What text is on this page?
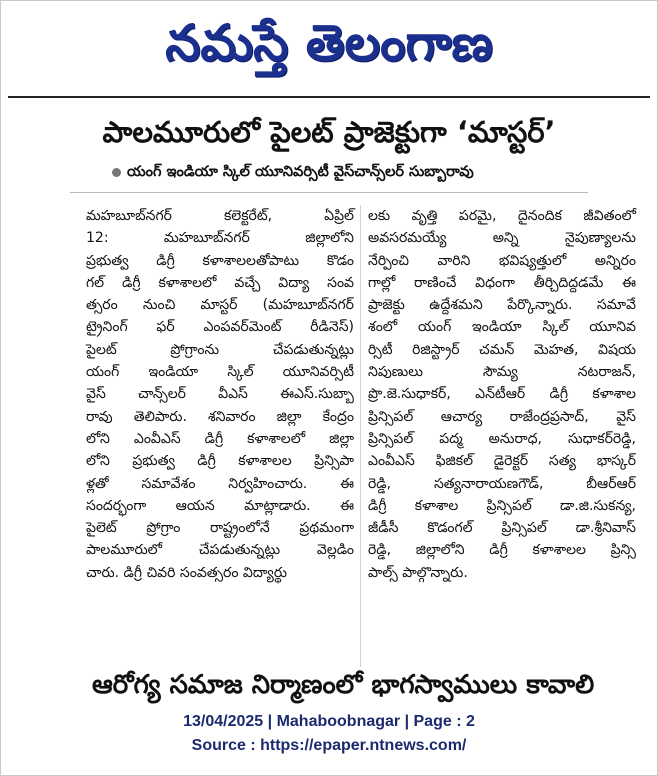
నమస్తే తెలంగాణ
పాలమూరులో పైలట్ ప్రాజెక్టుగా ‘మాస్టర్’
యంగ్ ఇండియా స్కిల్ యూనివర్సిటీ వైస్‌చాన్స్‌లర్ సుబ్బారావు
మహబూబ్‌నగర్ కలెక్టరేట్, ఏప్రిల్
12: మహబూబ్‌నగర్ జిల్లాలోని
ప్రభుత్వ డిగ్రీ కళాశాలలతోపాటు కొడం
గల్ డిగ్రీ కళాశాలలో వచ్చే విద్యా సంవ
త్సరం నుంచి మాస్టర్ (మహబూబ్‌నగర్
ట్రైనింగ్ ఫర్ ఎంపవర్‌మెంట్ రీడినెస్)
పైలట్ ప్రోగ్రాంను చేపడుతున్నట్లు
యంగ్ ఇండియా స్కిల్ యూనివర్సిటీ
వైస్ చాన్స్‌లర్ వీఎస్ ఈఎస్.సుబ్బా
రావు తెలిపారు. శనివారం జిల్లా కేంద్రం
లోని ఎంవీఎస్ డిగ్రీ కళాశాలలో జిల్లా
లోని ప్రభుత్వ డిగ్రీ కళాశాలల ప్రిన్సిపా
ళ్లతో సమావేశం నిర్వహించారు. ఈ
సందర్భంగా ఆయన మాట్లాడారు. ఈ
పైలెట్ ప్రోగ్రాం రాష్ట్రంలోనే ప్రథమంగా
పాలమూరులో చేపడుతున్నట్లు వెల్లడిం
చారు. డిగ్రీ చివరి సంవత్సరం విద్యార్థు
లకు వృత్తి పరమై, దైనందిక జీవితంలో
అవసరమయ్యే అన్ని నైపుణ్యాలను
నేర్పించి వారిని భవిష్యత్తులో అన్నిరం
గాల్లో రాణించే విధంగా తీర్చిదిద్దడమే ఈ
ప్రాజెక్టు ఉద్దేశమని పేర్కొన్నారు. సమావే
శంలో యంగ్ ఇండియా స్కిల్ యూనివ
ర్సిటీ రిజిస్ట్రార్ చమన్ మెహత, విషయ
నిపుణులు సౌమ్య నటరాజన్,
ప్రొ.జె.సుధాకర్, ఎన్‌టీఆర్ డిగ్రీ కళాశాల
ప్రిన్సిపల్ ఆచార్య రాజేంద్రప్రసాద్, వైస్
ప్రిన్సిపల్ పద్మ అనురాధ, సుధాకర్‌రెడ్డి,
ఎంవీఎస్ ఫిజికల్ డైరెక్టర్ సత్య భాస్కర్
రెడ్డి, సత్యనారాయణగౌడ్, బీఆర్‌ఆర్
డిగ్రీ కళాశాల ప్రిన్సిపల్ డా.జి.సుకన్య,
జీడీసీ కొడంగల్ ప్రిన్సిపల్ డా.శ్రీనివాస్
రెడ్డి, జిల్లాలోని డిగ్రీ కళాశాలల ప్రిన్సి
పాల్స్ పాల్గొన్నారు.
ఆరోగ్య సమాజ నిర్మాణంలో భాగస్వాములు కావాలి
13/04/2025 | Mahaboobnagar | Page : 2
Source : https://epaper.ntnews.com/
